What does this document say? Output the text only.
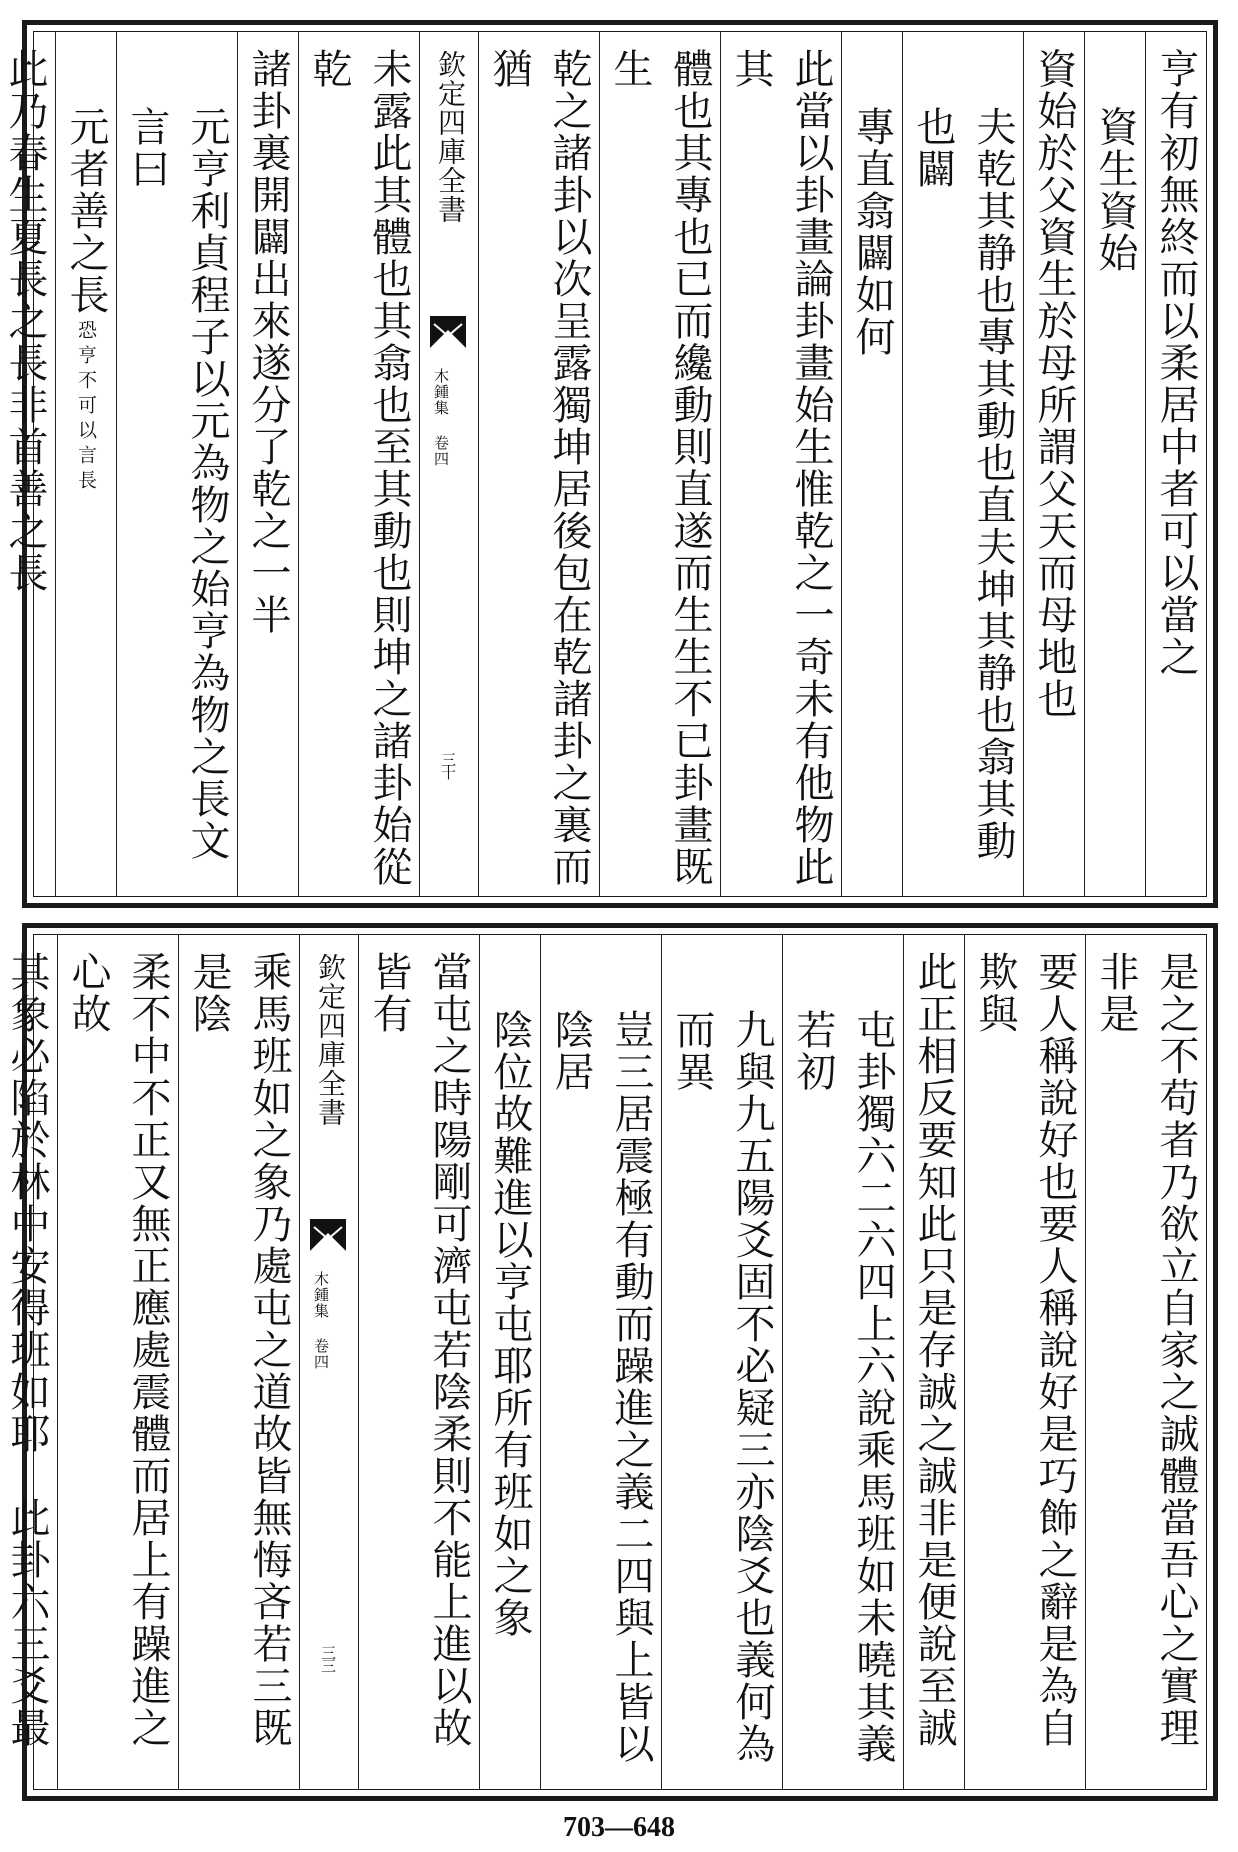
亨有初無終而以柔居中者可以當之
資生資始
資始於父資生於母所謂父天而母地也
夫乾其静也專其動也直夫坤其静也翕其動也闢
專直翕闢如何
此當以卦畫論卦畫始生惟乾之一奇未有他物此其
體也其專也已而纔動則直遂而生生不已卦畫既生
乾之諸卦以次呈露獨坤居後包在乾諸卦之裏而猶
欽定四庫全書
木鍾集 卷四
三十
未露此其體也其翕也至其動也則坤之諸卦始從乾
諸卦裏開闢出來遂分了乾之一半
元亨利貞程子以元為物之始亨為物之長文言曰
元者善之長恐亨不可以言長
此乃春生夏長之長非首善之長
是之不苟者乃欲立自家之誠體當吾心之實理非是
要人稱說好也要人稱說好是巧飾之辭是為自欺與
此正相反要知此只是存誠之誠非是便說至誠
屯卦獨六二六四上六說乘馬班如未曉其義若初
九與九五陽爻固不必疑三亦陰爻也義何為而異
豈三居震極有動而躁進之義二四與上皆以陰居
陰位故難進以亨屯耶所有班如之象
當屯之時陽剛可濟屯若陰柔則不能上進以故皆有
欽定四庫全書
木鍾集 卷四
三三
乘馬班如之象乃處屯之道故皆無悔吝若三既是陰
柔不中不正又無正應處震體而居上有躁進之心故
其象必陷於林中安得班如耶　此卦六三爻最
703—648
